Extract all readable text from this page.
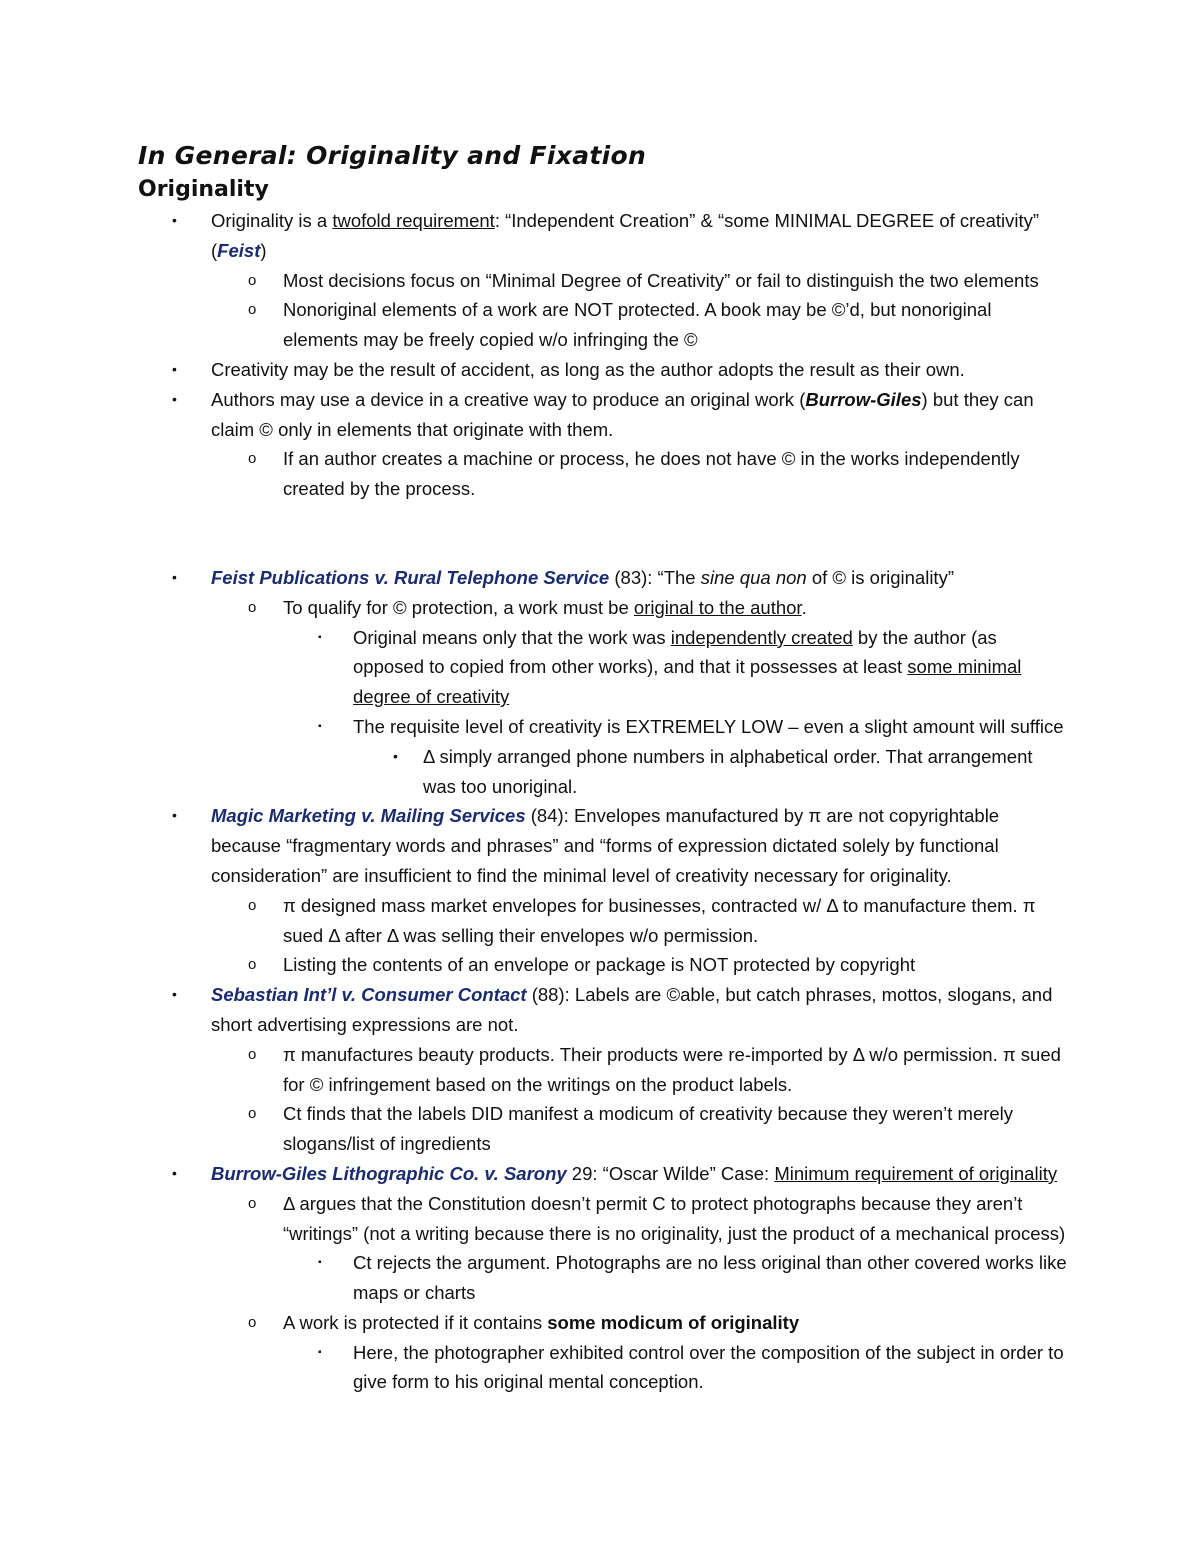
In General: Originality and Fixation
Originality
• Originality is a twofold requirement: “Independent Creation” & “some MINIMAL DEGREE of creativity” (Feist)
o Most decisions focus on “Minimal Degree of Creativity” or fail to distinguish the two elements
o Nonoriginal elements of a work are NOT protected. A book may be ©’d, but nonoriginal elements may be freely copied w/o infringing the ©
• Creativity may be the result of accident, as long as the author adopts the result as their own.
• Authors may use a device in a creative way to produce an original work (Burrow-Giles) but they can claim © only in elements that originate with them.
o If an author creates a machine or process, he does not have © in the works independently created by the process.
• Feist Publications v. Rural Telephone Service (83): “The sine qua non of © is originality”
o To qualify for © protection, a work must be original to the author.
▪ Original means only that the work was independently created by the author (as opposed to copied from other works), and that it possesses at least some minimal degree of creativity
▪ The requisite level of creativity is EXTREMELY LOW – even a slight amount will suffice
• Δ simply arranged phone numbers in alphabetical order. That arrangement was too unoriginal.
• Magic Marketing v. Mailing Services (84): Envelopes manufactured by π are not copyrightable because “fragmentary words and phrases” and “forms of expression dictated solely by functional consideration” are insufficient to find the minimal level of creativity necessary for originality.
o π designed mass market envelopes for businesses, contracted w/ Δ to manufacture them. π sued Δ after Δ was selling their envelopes w/o permission.
o Listing the contents of an envelope or package is NOT protected by copyright
• Sebastian Int’l v. Consumer Contact (88): Labels are ©able, but catch phrases, mottos, slogans, and short advertising expressions are not.
o π manufactures beauty products. Their products were re-imported by Δ w/o permission. π sued for © infringement based on the writings on the product labels.
o Ct finds that the labels DID manifest a modicum of creativity because they weren’t merely slogans/list of ingredients
• Burrow-Giles Lithographic Co. v. Sarony 29: “Oscar Wilde” Case: Minimum requirement of originality
o Δ argues that the Constitution doesn’t permit C to protect photographs because they aren’t “writings” (not a writing because there is no originality, just the product of a mechanical process)
▪ Ct rejects the argument. Photographs are no less original than other covered works like maps or charts
o A work is protected if it contains some modicum of originality
▪ Here, the photographer exhibited control over the composition of the subject in order to give form to his original mental conception.
